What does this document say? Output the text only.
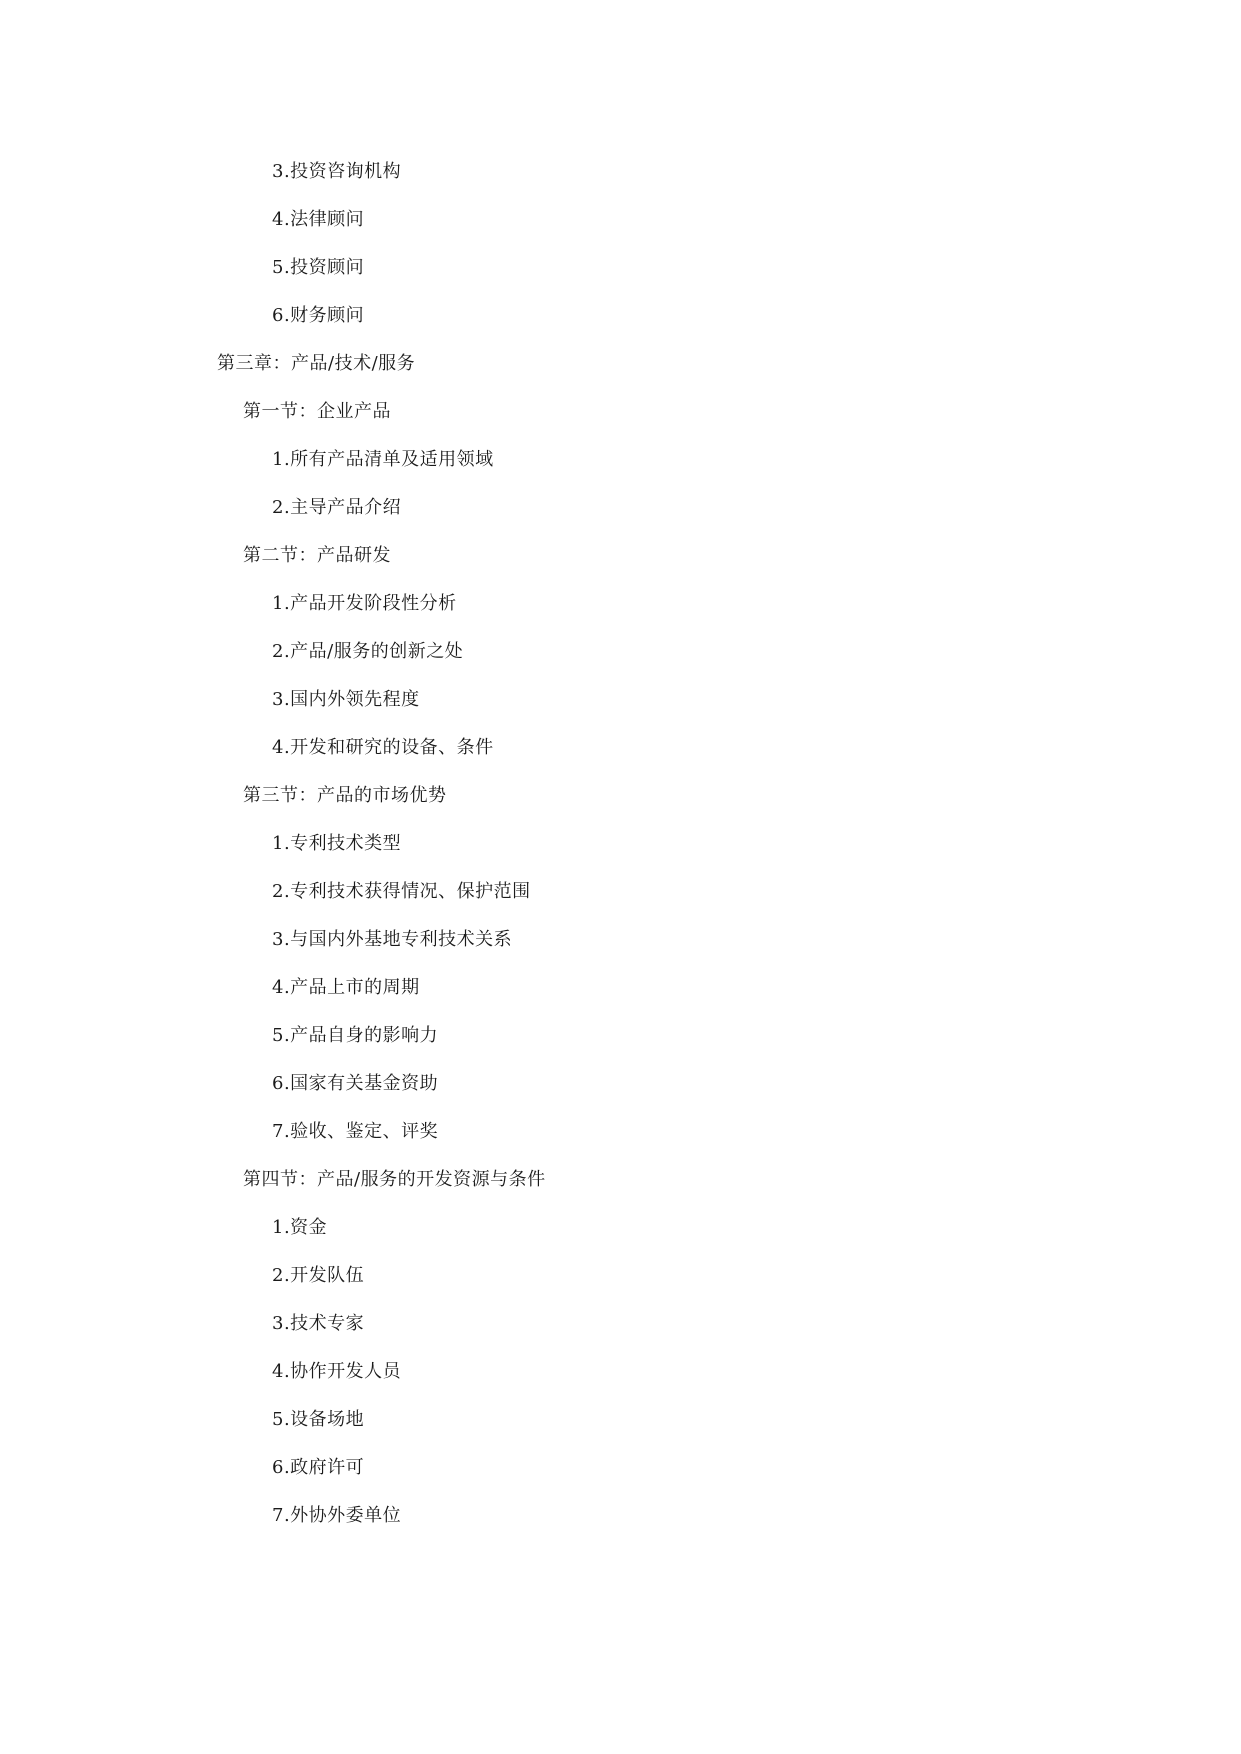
3.投资咨询机构
4.法律顾问
5.投资顾问
6.财务顾问
第三章：产品/技术/服务
第一节：企业产品
1.所有产品清单及适用领域
2.主导产品介绍
第二节：产品研发
1.产品开发阶段性分析
2.产品/服务的创新之处
3.国内外领先程度
4.开发和研究的设备、条件
第三节：产品的市场优势
1.专利技术类型
2.专利技术获得情况、保护范围
3.与国内外基地专利技术关系
4.产品上市的周期
5.产品自身的影响力
6.国家有关基金资助
7.验收、鉴定、评奖
第四节：产品/服务的开发资源与条件
1.资金
2.开发队伍
3.技术专家
4.协作开发人员
5.设备场地
6.政府许可
7.外协外委单位
